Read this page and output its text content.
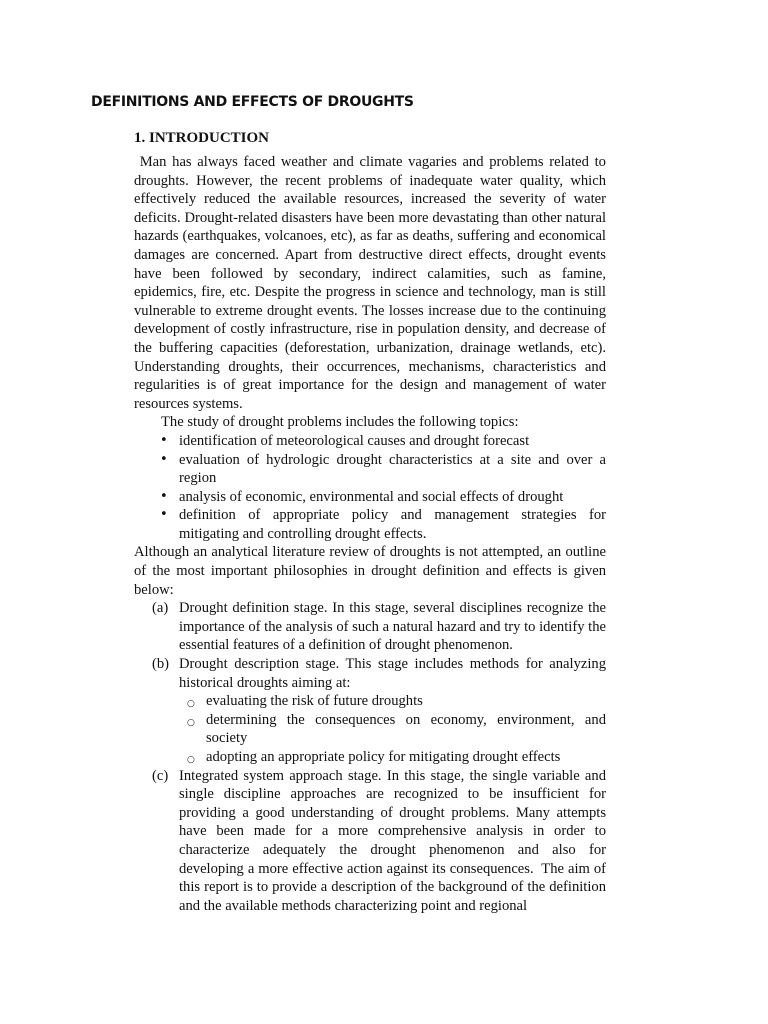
DEFINITIONS AND EFFECTS OF DROUGHTS
1. INTRODUCTION

Man has always faced weather and climate vagaries and problems related to droughts. However, the recent problems of inadequate water quality, which effectively reduced the available resources, increased the severity of water deficits. Drought-related disasters have been more devastating than other natural hazards (earthquakes, volcanoes, etc), as far as deaths, suffering and economical damages are concerned. Apart from destructive direct effects, drought events have been followed by secondary, indirect calamities, such as famine, epidemics, fire, etc. Despite the progress in science and technology, man is still vulnerable to extreme drought events. The losses increase due to the continuing development of costly infrastructure, rise in population density, and decrease of the buffering capacities (deforestation, urbanization, drainage wetlands, etc). Understanding droughts, their occurrences, mechanisms, characteristics and regularities is of great importance for the design and management of water resources systems.

The study of drought problems includes the following topics:

• identification of meteorological causes and drought forecast
• evaluation of hydrologic drought characteristics at a site and over a region
• analysis of economic, environmental and social effects of drought
• definition of appropriate policy and management strategies for mitigating and controlling drought effects.

Although an analytical literature review of droughts is not attempted, an outline of the most important philosophies in drought definition and effects is given below:

(a) Drought definition stage. In this stage, several disciplines recognize the importance of the analysis of such a natural hazard and try to identify the essential features of a definition of drought phenomenon.
(b) Drought description stage. This stage includes methods for analyzing historical droughts aiming at:
○ evaluating the risk of future droughts
○ determining the consequences on economy, environment, and society
○ adopting an appropriate policy for mitigating drought effects
(c) Integrated system approach stage. In this stage, the single variable and single discipline approaches are recognized to be insufficient for providing a good understanding of drought problems. Many attempts have been made for a more comprehensive analysis in order to characterize adequately the drought phenomenon and also for developing a more effective action against its consequences.  The aim of this report is to provide a description of the background of the definition and the available methods characterizing point and regional
